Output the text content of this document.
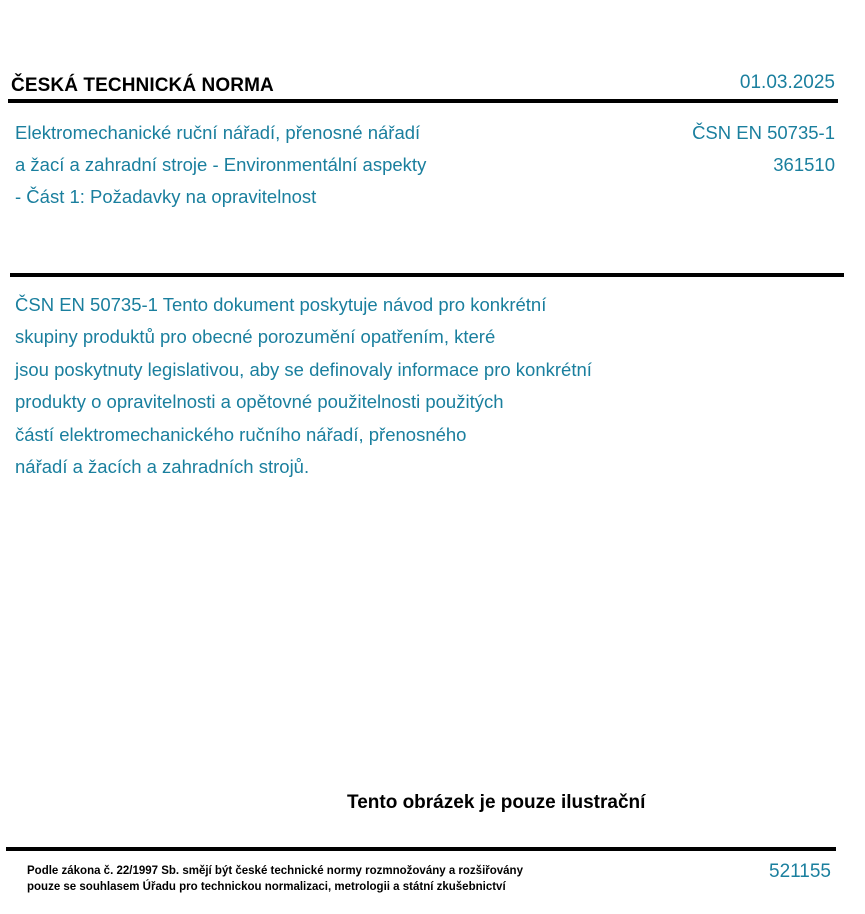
ČESKÁ TECHNICKÁ NORMA	01.03.2025
Elektromechanické ruční nářadí, přenosné nářadí
a žací a zahradní stroje - Environmentální aspekty
- Část 1: Požadavky na opravitelnost
ČSN EN 50735-1
361510
ČSN EN 50735-1 Tento dokument poskytuje návod pro konkrétní
skupiny produktů pro obecné porozumění opatřením, které
jsou poskytnuty legislativou, aby se definovaly informace pro konkrétní
produkty o opravitelnosti a opětovné použitelnosti použitých
částí elektromechanického ručního nářadí, přenosného
nářadí a žacích a zahradních strojů.
Tento obrázek je pouze ilustrační
Podle zákona č. 22/1997 Sb. smějí být české technické normy rozmnožovány a rozšiřovány
pouze se souhlasem Úřadu pro technickou normalizaci, metrologii a státní zkušebnictví
521155
